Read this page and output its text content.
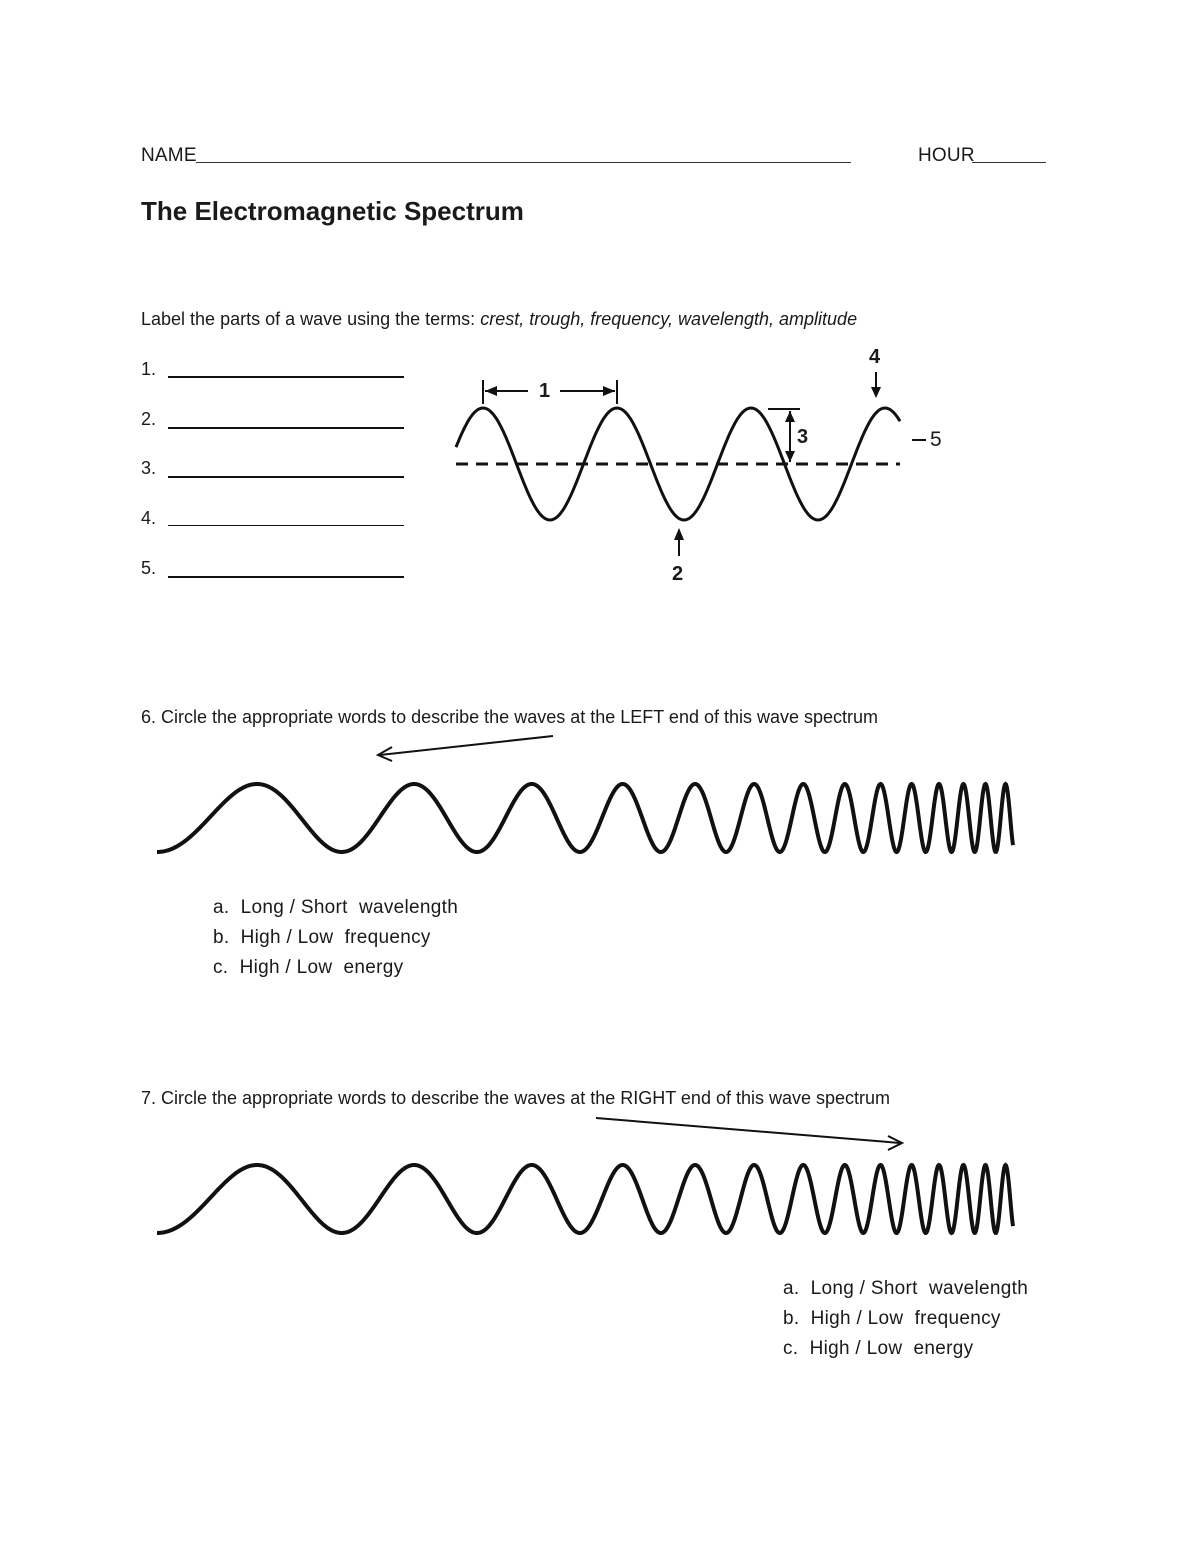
NAME	HOUR
The Electromagnetic Spectrum
Label the parts of a wave using the terms: crest, trough, frequency, wavelength, amplitude
1.
2.
3.
4.
5.
1
2
3
4
5
6. Circle the appropriate words to describe the waves at the LEFT end of this wave spectrum
a. Long / Short wavelength
b. High / Low frequency
c. High / Low energy
7. Circle the appropriate words to describe the waves at the RIGHT end of this wave spectrum
a. Long / Short wavelength
b. High / Low frequency
c. High / Low energy
